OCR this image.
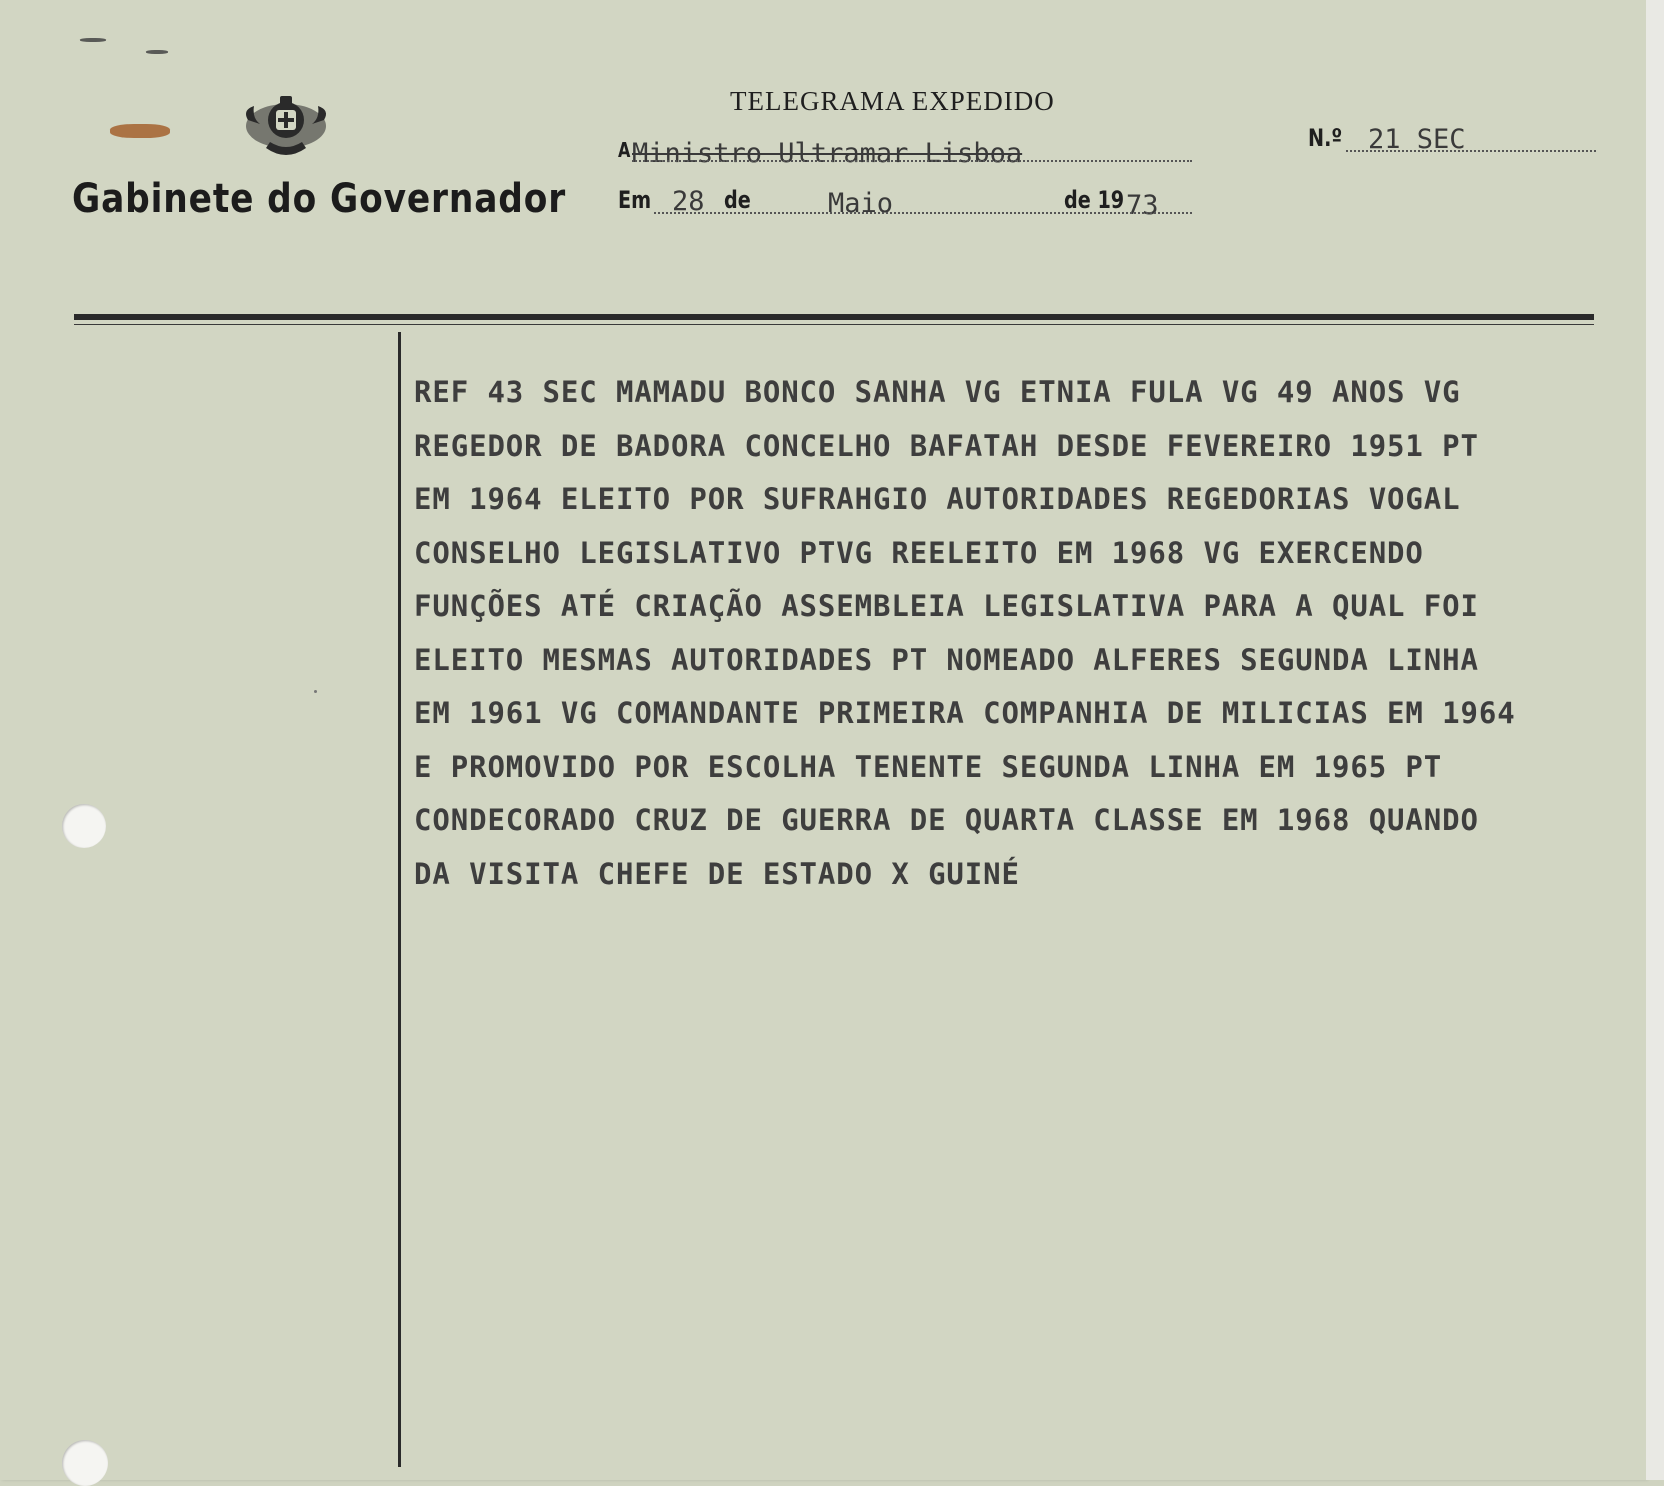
Gabinete do Governador
TELEGRAMA EXPEDIDO
A Ministro Ultramar Lisboa	N.º 21 SEC
Em 28 de	Maio	de 19 73
REF 43 SEC MAMADU BONCO SANHA VG ETNIA FULA VG 49 ANOS VG
REGEDOR DE BADORA CONCELHO BAFATAH DESDE FEVEREIRO 1951 PT
EM 1964 ELEITO POR SUFRAHGIO AUTORIDADES REGEDORIAS VOGAL
CONSELHO LEGISLATIVO PTVG REELEITO EM 1968 VG EXERCENDO
FUNÇÕES ATÉ CRIAÇÃO ASSEMBLEIA LEGISLATIVA PARA A QUAL FOI
ELEITO MESMAS AUTORIDADES PT NOMEADO ALFERES SEGUNDA LINHA
EM 1961 VG COMANDANTE PRIMEIRA COMPANHIA DE MILICIAS EM 1964
E PROMOVIDO POR ESCOLHA TENENTE SEGUNDA LINHA EM 1965 PT
CONDECORADO CRUZ DE GUERRA DE QUARTA CLASSE EM 1968 QUANDO
DA VISITA CHEFE DE ESTADO X GUINÉ
